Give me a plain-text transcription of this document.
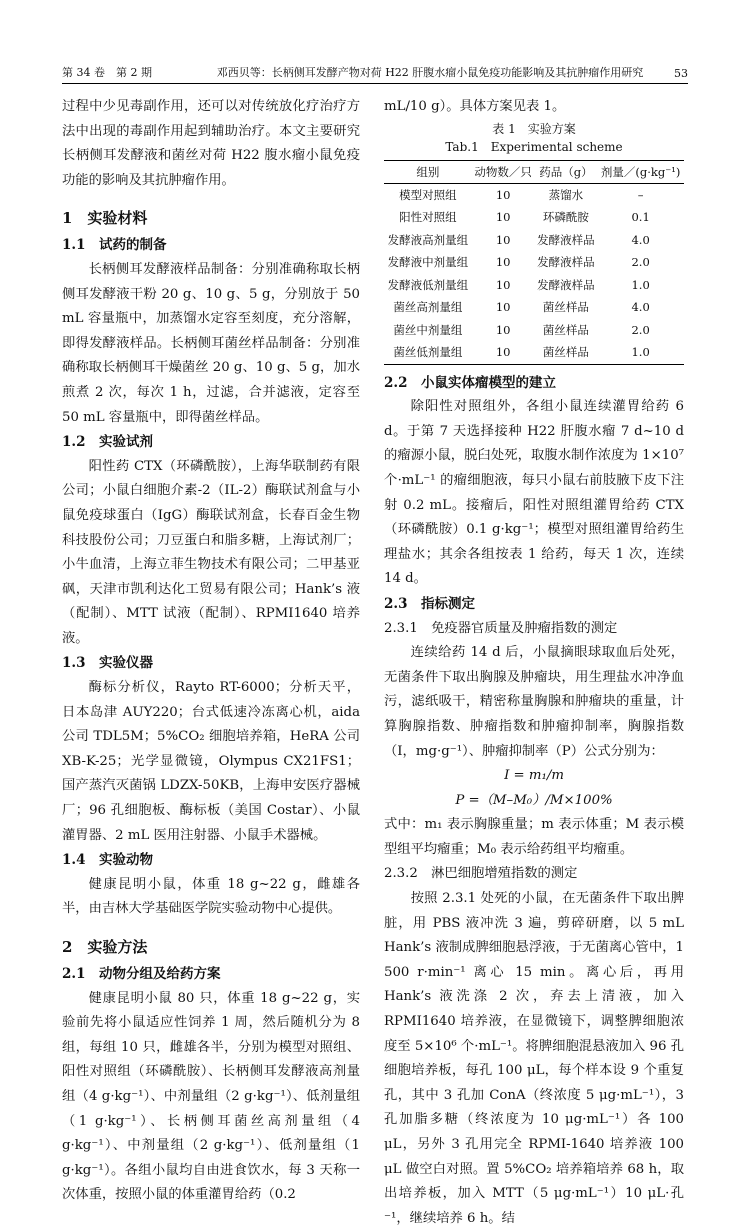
第 34 卷　第 2 期	邓西贝等：长柄侧耳发酵产物对荷 H22 肝腹水瘤小鼠免疫功能影响及其抗肿瘤作用研究	53

过程中少见毒副作用，还可以对传统放化疗治疗方法中出现的毒副作用起到辅助治疗。本文主要研究长柄侧耳发酵液和菌丝对荷 H22 腹水瘤小鼠免疫功能的影响及其抗肿瘤作用。

1　实验材料
1.1　试药的制备

长柄侧耳发酵液样品制备：分别准确称取长柄侧耳发酵液干粉 20 g、10 g、5 g，分别放于 50 mL 容量瓶中，加蒸馏水定容至刻度，充分溶解，即得发酵液样品。长柄侧耳菌丝样品制备：分别准确称取长柄侧耳干燥菌丝 20 g、10 g、5 g，加水煎煮 2 次，每次 1 h，过滤，合并滤液，定容至 50 mL 容量瓶中，即得菌丝样品。

1.2　实验试剂

阳性药 CTX（环磷酰胺），上海华联制药有限公司；小鼠白细胞介素-2（IL-2）酶联试剂盒与小鼠免疫球蛋白（IgG）酶联试剂盒，长春百金生物科技股份公司；刀豆蛋白和脂多糖，上海试剂厂；小牛血清，上海立菲生物技术有限公司；二甲基亚砜，天津市凯利达化工贸易有限公司；Hank’s 液（配制）、MTT 试液（配制）、RPMI1640 培养液。

1.3　实验仪器

酶标分析仪，Rayto RT-6000；分析天平，日本岛津 AUY220；台式低速冷冻离心机，aida 公司 TDL5M；5%CO₂ 细胞培养箱，HeRA 公司 XB-K-25；光学显微镜，Olympus CX21FS1；国产蒸汽灭菌锅 LDZX-50KB，上海申安医疗器械厂；96 孔细胞板、酶标板（美国 Costar）、小鼠灌胃器、2 mL 医用注射器、小鼠手术器械。

1.4　实验动物

健康昆明小鼠，体重 18 g~22 g，雌雄各半，由吉林大学基础医学院实验动物中心提供。

2　实验方法
2.1　动物分组及给药方案

健康昆明小鼠 80 只，体重 18 g~22 g，实验前先将小鼠适应性饲养 1 周，然后随机分为 8 组，每组 10 只，雌雄各半，分别为模型对照组、阳性对照组（环磷酰胺）、长柄侧耳发酵液高剂量组（4 g·kg⁻¹）、中剂量组（2 g·kg⁻¹）、低剂量组（1 g·kg⁻¹）、长柄侧耳菌丝高剂量组（4 g·kg⁻¹）、中剂量组（2 g·kg⁻¹）、低剂量组（1 g·kg⁻¹）。各组小鼠均自由进食饮水，每 3 天称一次体重，按照小鼠的体重灌胃给药（0.2

mL/10 g）。具体方案见表 1。

表 1　实验方案
Tab.1　Experimental scheme
组别	动物数／只	药品（g）	剂量／(g·kg⁻¹)
模型对照组	10	蒸馏水	–
阳性对照组	10	环磷酰胺	0.1
发酵液高剂量组	10	发酵液样品	4.0
发酵液中剂量组	10	发酵液样品	2.0
发酵液低剂量组	10	发酵液样品	1.0
菌丝高剂量组	10	菌丝样品	4.0
菌丝中剂量组	10	菌丝样品	2.0
菌丝低剂量组	10	菌丝样品	1.0
2.2　小鼠实体瘤模型的建立

除阳性对照组外，各组小鼠连续灌胃给药 6 d。于第 7 天选择接种 H22 肝腹水瘤 7 d~10 d 的瘤源小鼠，脱臼处死，取腹水制作浓度为 1×10⁷ 个·mL⁻¹ 的瘤细胞液，每只小鼠右前肢腋下皮下注射 0.2 mL。接瘤后，阳性对照组灌胃给药 CTX（环磷酰胺）0.1 g·kg⁻¹；模型对照组灌胃给药生理盐水；其余各组按表 1 给药，每天 1 次，连续 14 d。

2.3　指标测定
2.3.1　免疫器官质量及肿瘤指数的测定

连续给药 14 d 后，小鼠摘眼球取血后处死，无菌条件下取出胸腺及肿瘤块，用生理盐水冲净血污，滤纸吸干，精密称量胸腺和肿瘤块的重量，计算胸腺指数、肿瘤指数和肿瘤抑制率，胸腺指数（I，mg·g⁻¹）、肿瘤抑制率（P）公式分别为：

I = m₁/m
P =（M–M₀）/M×100%

式中：m₁ 表示胸腺重量；m 表示体重；M 表示模型组平均瘤重；M₀ 表示给药组平均瘤重。

2.3.2　淋巴细胞增殖指数的测定

按照 2.3.1 处死的小鼠，在无菌条件下取出脾脏，用 PBS 液冲洗 3 遍，剪碎研磨，以 5 mL Hank’s 液制成脾细胞悬浮液，于无菌离心管中，1 500 r·min⁻¹ 离心 15 min。离心后，再用 Hank’s 液洗涤 2 次，弃去上清液，加入 RPMI1640 培养液，在显微镜下，调整脾细胞浓度至 5×10⁶ 个·mL⁻¹。将脾细胞混悬液加入 96 孔细胞培养板，每孔 100 μL，每个样本设 9 个重复孔，其中 3 孔加 ConA（终浓度 5 μg·mL⁻¹），3 孔加脂多糖（终浓度为 10 μg·mL⁻¹）各 100 μL，另外 3 孔用完全 RPMI-1640 培养液 100 μL 做空白对照。置 5%CO₂ 培养箱培养 68 h，取出培养板，加入 MTT（5 μg·mL⁻¹）10 μL·孔⁻¹，继续培养 6 h。结
